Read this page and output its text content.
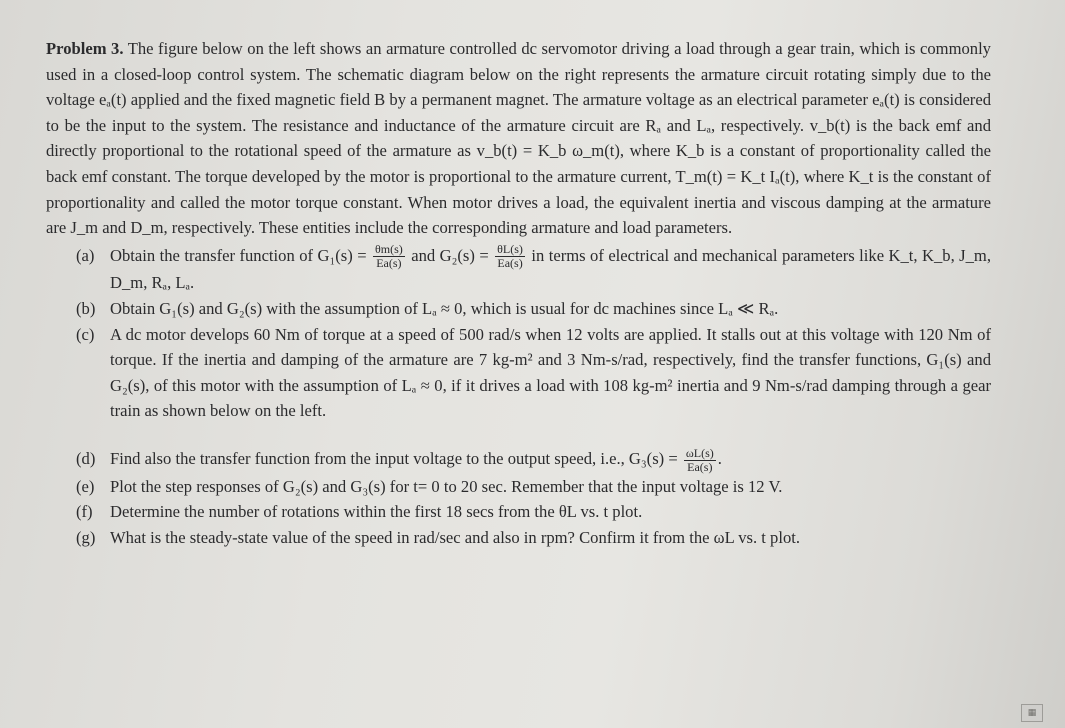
Problem 3. The figure below on the left shows an armature controlled dc servomotor driving a load through a gear train, which is commonly used in a closed-loop control system. The schematic diagram below on the right represents the armature circuit rotating simply due to the voltage eₐ(t) applied and the fixed magnetic field B by a permanent magnet. The armature voltage as an electrical parameter eₐ(t) is considered to be the input to the system. The resistance and inductance of the armature circuit are Rₐ and Lₐ, respectively. v_b(t) is the back emf and directly proportional to the rotational speed of the armature as v_b(t) = K_b ω_m(t), where K_b is a constant of proportionality called the back emf constant. The torque developed by the motor is proportional to the armature current, T_m(t) = K_t Iₐ(t), where K_t is the constant of proportionality and called the motor torque constant. When motor drives a load, the equivalent inertia and viscous damping at the armature are J_m and D_m, respectively. These entities include the corresponding armature and load parameters.

(a) Obtain the transfer function of $G_1(s) = \frac{\theta m(s)}{Ea(s)}$ and $G_2(s) = \frac{\theta L(s)}{Ea(s)}$ in terms of electrical and mechanical parameters like K_t, K_b, J_m, D_m, Rₐ, Lₐ.
(b) Obtain G₁(s) and G₂(s) with the assumption of Lₐ ≈ 0, which is usual for dc machines since Lₐ ≪ Rₐ.
(c) A dc motor develops 60 Nm of torque at a speed of 500 rad/s when 12 volts are applied. It stalls out at this voltage with 120 Nm of torque. If the inertia and damping of the armature are 7 kg-m² and 3 Nm-s/rad, respectively, find the transfer functions, G₁(s) and G₂(s), of this motor with the assumption of Lₐ ≈ 0, if it drives a load with 108 kg-m² inertia and 9 Nm-s/rad damping through a gear train as shown below on the left.
(d) Find also the transfer function from the input voltage to the output speed, i.e., $G_3(s) = \frac{\omega L(s)}{Ea(s)}$ .
(e) Plot the step responses of G₂(s) and G₃(s) for t= 0 to 20 sec. Remember that the input voltage is 12 V.
(f)	Determine the number of rotations within the first 18 secs from the θL vs. t plot.
(g) What is the steady-state value of the speed in rad/sec and also in rpm? Confirm it from the ωL vs. t plot.
▦
